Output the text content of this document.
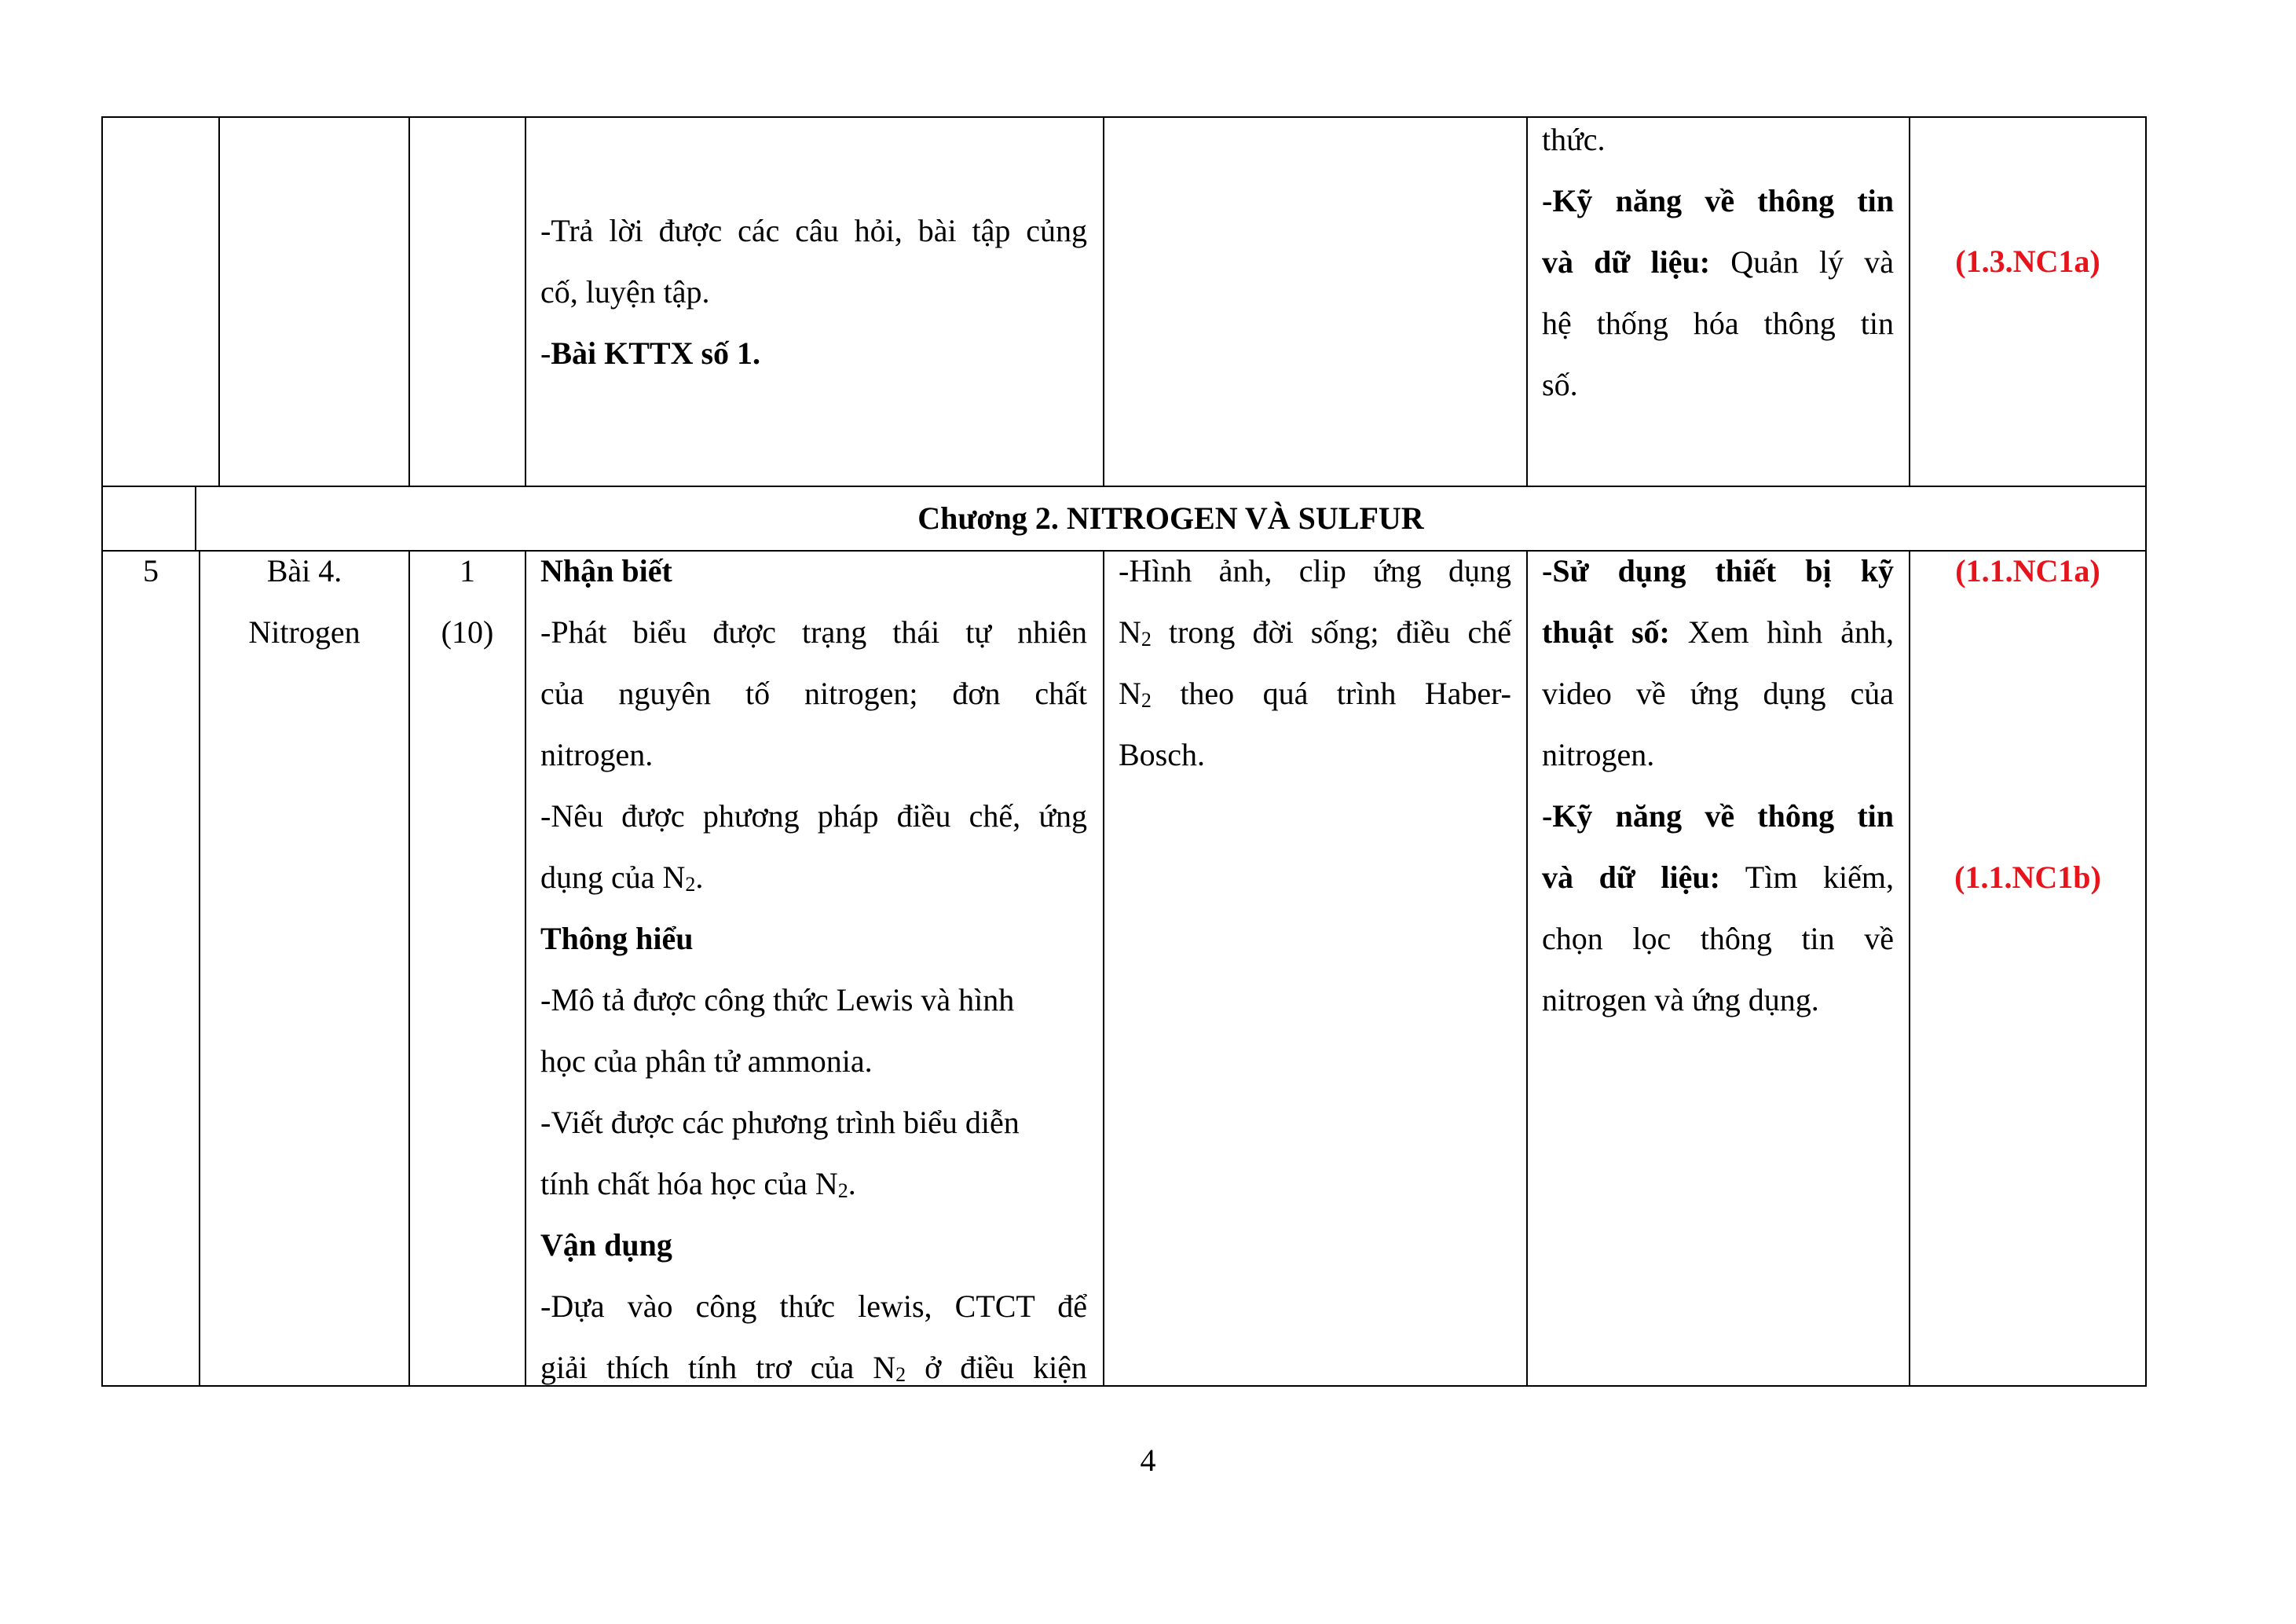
-Trả lời được các câu hỏi, bài tập củng
cố, luyện tập.
-Bài KTTX số 1.
thức.
-Kỹ năng về thông tin
và dữ liệu: Quản lý và
hệ thống hóa thông tin
số.
(1.3.NC1a)
Chương 2. NITROGEN VÀ SULFUR
5	Bài 4.
Nitrogen
1
(10)
Nhận biết
-Phát biểu được trạng thái tự nhiên
của nguyên tố nitrogen; đơn chất
nitrogen.
-Nêu được phương pháp điều chế, ứng
dụng của $N_2$.
Thông hiểu
-Mô tả được công thức Lewis và hình
học của phân tử ammonia.
-Viết được các phương trình biểu diễn
tính chất hóa học của $N_2$.
Vận dụng
-Dựa vào công thức lewis, CTCT để
giải thích tính trơ của $N_2$ ở điều kiện
-Hình ảnh, clip ứng dụng
$N_2$ trong đời sống; điều chế
$N_2$ theo quá trình Haber-
Bosch.
-Sử dụng thiết bị kỹ
thuật số: Xem hình ảnh,
video về ứng dụng của
nitrogen.
-Kỹ năng về thông tin
và dữ liệu: Tìm kiếm,
chọn lọc thông tin về
nitrogen và ứng dụng.
(1.1.NC1a)
(1.1.NC1b)
4
